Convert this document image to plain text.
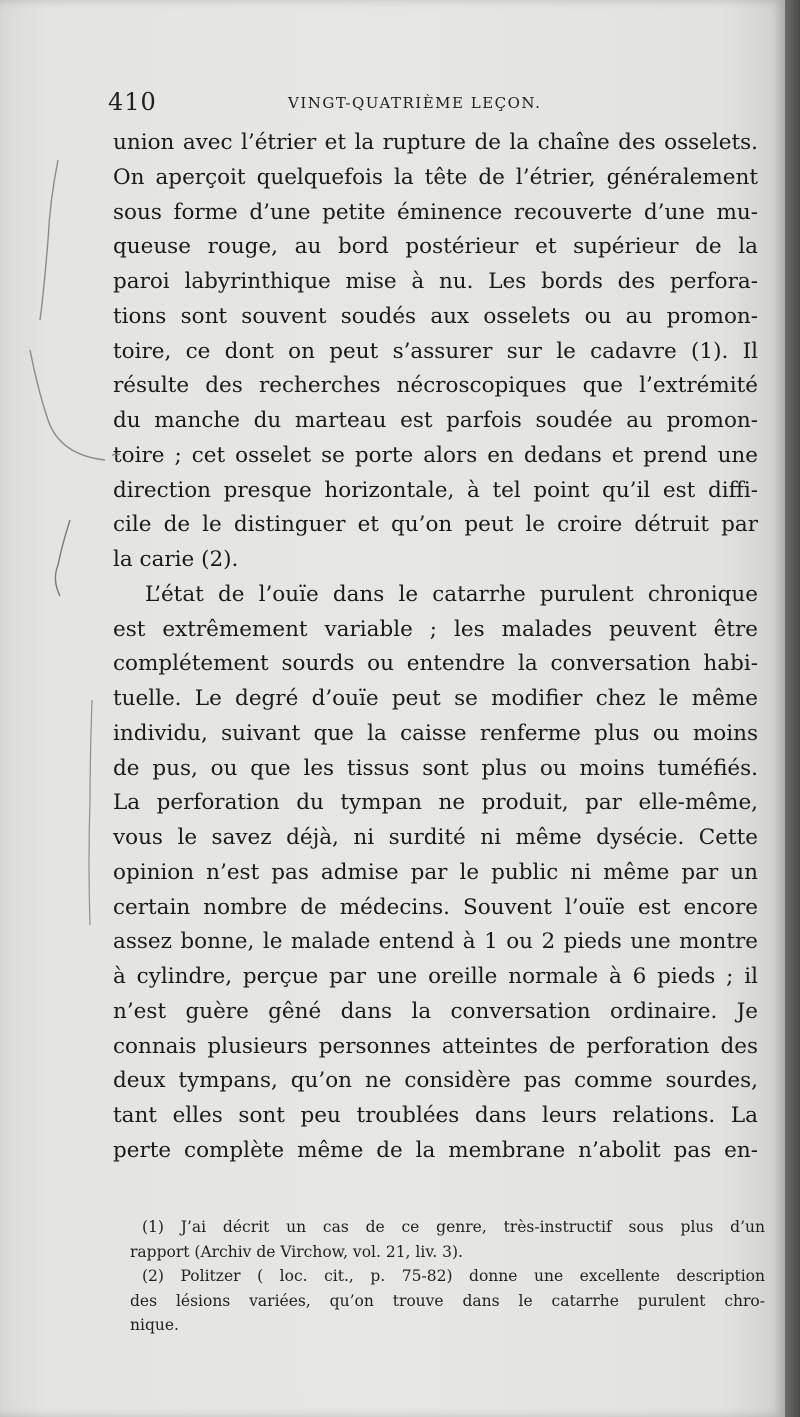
410	VINGT-QUATRIÈME LEÇON.
union avec l’étrier et la rupture de la chaîne des osselets.
On aperçoit quelquefois la tête de l’étrier, généralement
sous forme d’une petite éminence recouverte d’une mu-
queuse rouge, au bord postérieur et supérieur de la
paroi labyrinthique mise à nu. Les bords des perfora-
tions sont souvent soudés aux osselets ou au promon-
toire, ce dont on peut s’assurer sur le cadavre (1). Il
résulte des recherches nécroscopiques que l’extrémité
du manche du marteau est parfois soudée au promon-
toire ; cet osselet se porte alors en dedans et prend une
direction presque horizontale, à tel point qu’il est diffi-
cile de le distinguer et qu’on peut le croire détruit par
la carie (2).
L’état de l’ouïe dans le catarrhe purulent chronique
est extrêmement variable ; les malades peuvent être
complétement sourds ou entendre la conversation habi-
tuelle. Le degré d’ouïe peut se modifier chez le même
individu, suivant que la caisse renferme plus ou moins
de pus, ou que les tissus sont plus ou moins tuméfiés.
La perforation du tympan ne produit, par elle-même,
vous le savez déjà, ni surdité ni même dysécie. Cette
opinion n’est pas admise par le public ni même par un
certain nombre de médecins. Souvent l’ouïe est encore
assez bonne, le malade entend à 1 ou 2 pieds une montre
à cylindre, perçue par une oreille normale à 6 pieds ; il
n’est guère gêné dans la conversation ordinaire. Je
connais plusieurs personnes atteintes de perforation des
deux tympans, qu’on ne considère pas comme sourdes,
tant elles sont peu troublées dans leurs relations. La
perte complète même de la membrane n’abolit pas en-
(1) J’ai décrit un cas de ce genre, très-instructif sous plus d’un
rapport (Archiv de Virchow, vol. 21, liv. 3).
(2) Politzer ( loc. cit., p. 75-82) donne une excellente description
des lésions variées, qu’on trouve dans le catarrhe purulent chro-
nique.
